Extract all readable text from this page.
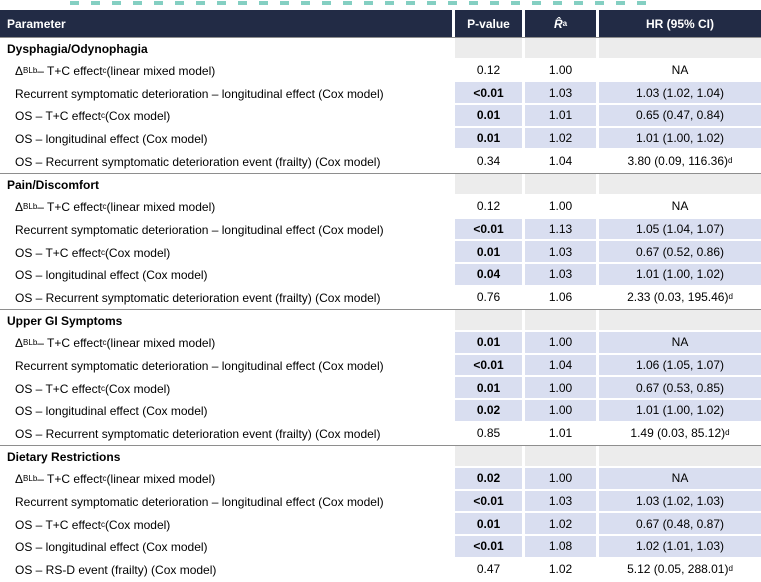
Parameter	P-value	R̂ a	HR (95% CI)
Dysphagia/Odynophagia
Δ BL b – T+C effect c (linear mixed model)	0.12	1.00	NA
Recurrent symptomatic deterioration – longitudinal effect (Cox model)	<0.01	1.03	1.03 (1.02, 1.04)
OS – T+C effect c (Cox model)	0.01	1.01	0.65 (0.47, 0.84)
OS – longitudinal effect (Cox model)	0.01	1.02	1.01 (1.00, 1.02)
OS – Recurrent symptomatic deterioration event (frailty) (Cox model)	0.34	1.04	3.80 (0.09, 116.36) d
Pain/Discomfort
Δ BL b – T+C effect c (linear mixed model)	0.12	1.00	NA
Recurrent symptomatic deterioration – longitudinal effect (Cox model)	<0.01	1.13	1.05 (1.04, 1.07)
OS – T+C effect c (Cox model)	0.01	1.03	0.67 (0.52, 0.86)
OS – longitudinal effect (Cox model)	0.04	1.03	1.01 (1.00, 1.02)
OS – Recurrent symptomatic deterioration event (frailty) (Cox model)	0.76	1.06	2.33 (0.03, 195.46) d
Upper GI Symptoms
Δ BL b – T+C effect c (linear mixed model)	0.01	1.00	NA
Recurrent symptomatic deterioration – longitudinal effect (Cox model)	<0.01	1.04	1.06 (1.05, 1.07)
OS – T+C effect c (Cox model)	0.01	1.00	0.67 (0.53, 0.85)
OS – longitudinal effect (Cox model)	0.02	1.00	1.01 (1.00, 1.02)
OS – Recurrent symptomatic deterioration event (frailty) (Cox model)	0.85	1.01	1.49 (0.03, 85.12) d
Dietary Restrictions
Δ BL b – T+C effect c (linear mixed model)	0.02	1.00	NA
Recurrent symptomatic deterioration – longitudinal effect (Cox model)	<0.01	1.03	1.03 (1.02, 1.03)
OS – T+C effect c (Cox model)	0.01	1.02	0.67 (0.48, 0.87)
OS – longitudinal effect (Cox model)	<0.01	1.08	1.02 (1.01, 1.03)
OS – RS-D event (frailty) (Cox model)	0.47	1.02	5.12 (0.05, 288.01) d
